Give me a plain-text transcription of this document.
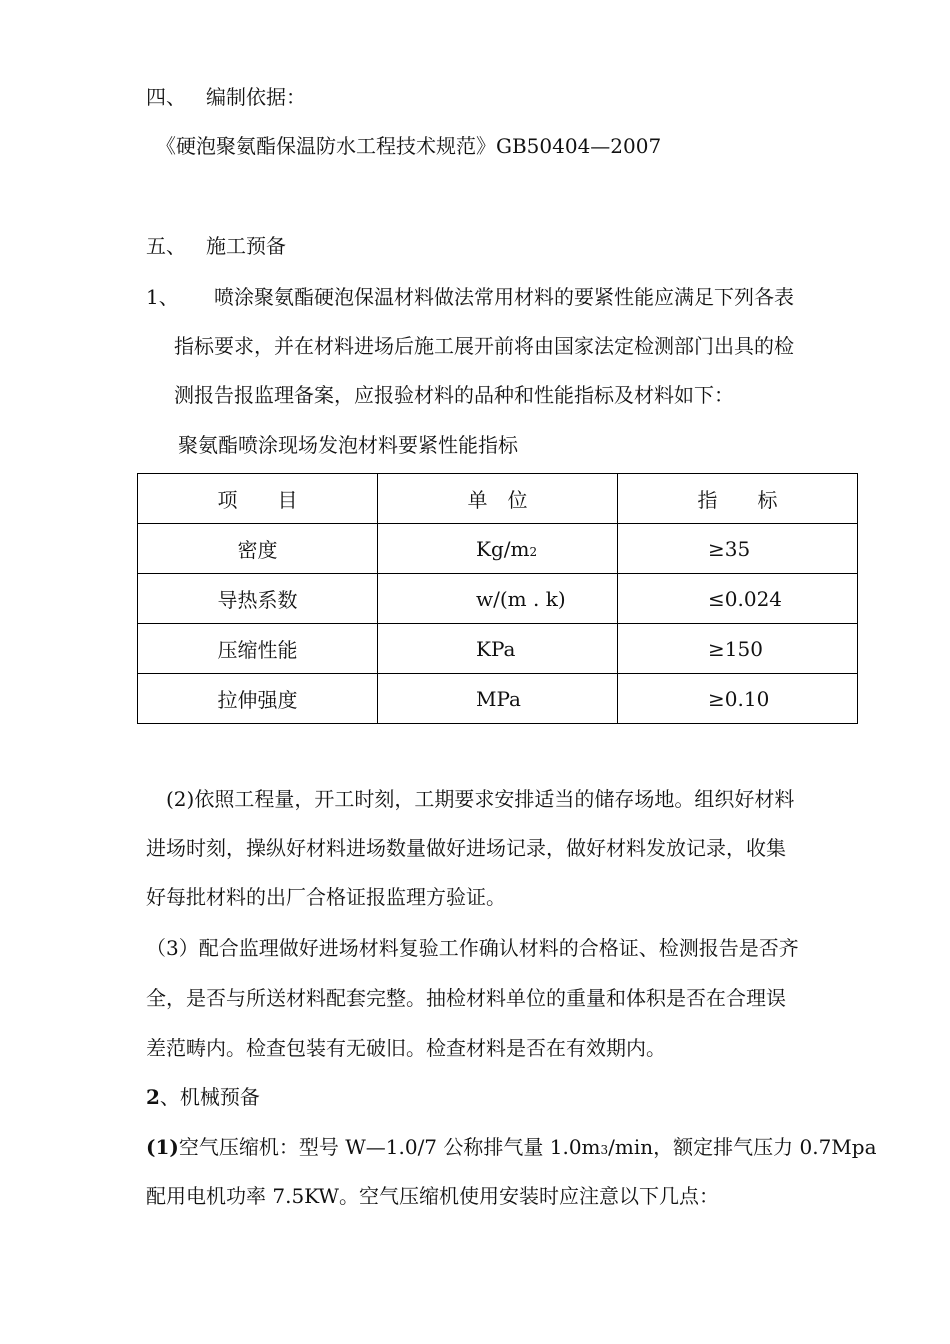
四、 编制依据：
《硬泡聚氨酯保温防水工程技术规范》GB50404—2007
五、 施工预备
1、 喷涂聚氨酯硬泡保温材料做法常用材料的要紧性能应满足下列各表
指标要求，并在材料进场后施工展开前将由国家法定检测部门出具的检
测报告报监理备案，应报验材料的品种和性能指标及材料如下：
聚氨酯喷涂现场发泡材料要紧性能指标
项　　目	单　位	指　　标
密度	Kg/m2	≥35
导热系数	w/(m . k)	≤0.024
压缩性能	KPa	≥150
拉伸强度	MPa	≥0.10
(2)依照工程量，开工时刻，工期要求安排适当的储存场地。组织好材料
进场时刻，操纵好材料进场数量做好进场记录，做好材料发放记录，收集
好每批材料的出厂合格证报监理方验证。
（3）配合监理做好进场材料复验工作确认材料的合格证、检测报告是否齐
全，是否与所送材料配套完整。抽检材料单位的重量和体积是否在合理误
差范畴内。检查包装有无破旧。检查材料是否在有效期内。
2、机械预备
(1)空气压缩机：型号 W—1.0/7 公称排气量 1.0m3/min，额定排气压力 0.7Mpa
配用电机功率 7.5KW。空气压缩机使用安装时应注意以下几点：
